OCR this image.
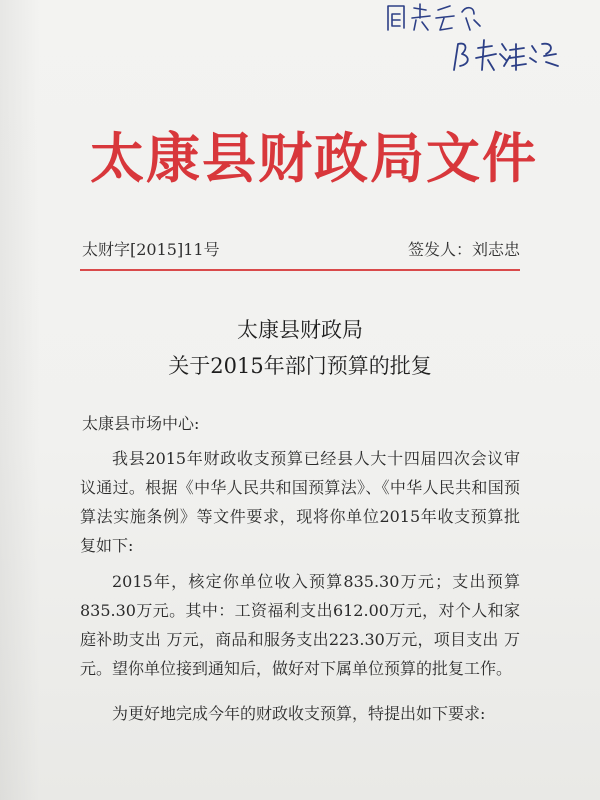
太康县财政局文件
太财字[2015]11号	签发人：刘志忠
太康县财政局
关于2015年部门预算的批复
太康县市场中心:

我县2015年财政收支预算已经县人大十四届四次会议审议通过。根据《中华人民共和国预算法》、《中华人民共和国预算法实施条例》等文件要求，现将你单位2015年收支预算批复如下:

2015年，核定你单位收入预算835.30万元；支出预算835.30万元。其中：工资福利支出612.00万元，对个人和家庭补助支出 万元，商品和服务支出223.30万元，项目支出 万元。望你单位接到通知后，做好对下属单位预算的批复工作。

为更好地完成今年的财政收支预算，特提出如下要求:
